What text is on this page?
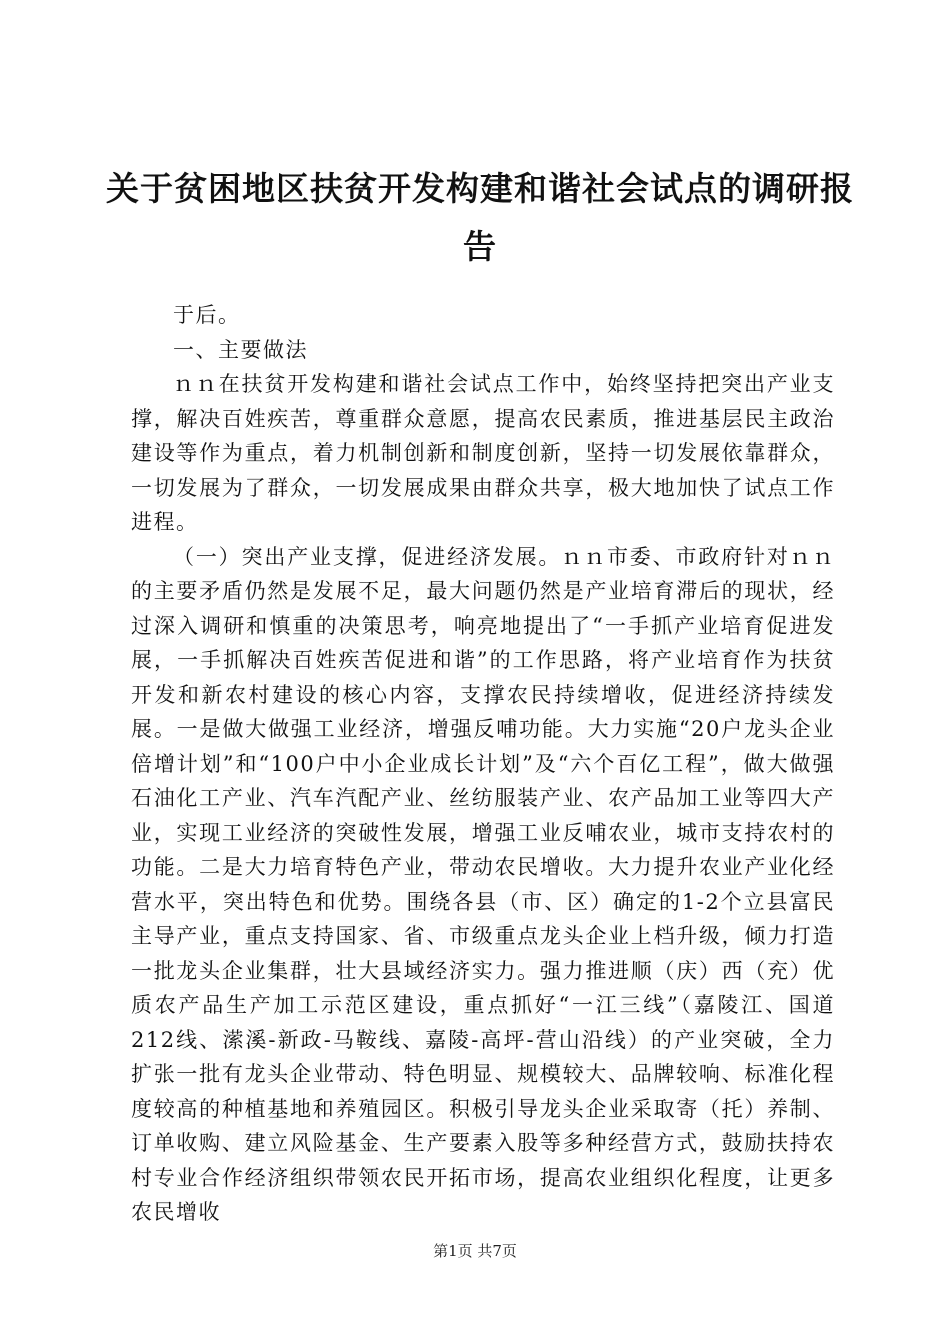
关于贫困地区扶贫开发构建和谐社会试点的调研报告

于后。

一、主要做法

ｎｎ在扶贫开发构建和谐社会试点工作中，始终坚持把突出产业支撑，解决百姓疾苦，尊重群众意愿，提高农民素质，推进基层民主政治建设等作为重点，着力机制创新和制度创新，坚持一切发展依靠群众，一切发展为了群众，一切发展成果由群众共享，极大地加快了试点工作进程。

（一）突出产业支撑，促进经济发展。ｎｎ市委、市政府针对ｎｎ的主要矛盾仍然是发展不足，最大问题仍然是产业培育滞后的现状，经过深入调研和慎重的决策思考，响亮地提出了“一手抓产业培育促进发展，一手抓解决百姓疾苦促进和谐”的工作思路，将产业培育作为扶贫开发和新农村建设的核心内容，支撑农民持续增收，促进经济持续发展。一是做大做强工业经济，增强反哺功能。大力实施“20户龙头企业倍增计划”和“100户中小企业成长计划”及“六个百亿工程”，做大做强石油化工产业、汽车汽配产业、丝纺服装产业、农产品加工业等四大产业，实现工业经济的突破性发展，增强工业反哺农业，城市支持农村的功能。二是大力培育特色产业，带动农民增收。大力提升农业产业化经营水平，突出特色和优势。围绕各县（市、区）确定的1-2个立县富民主导产业，重点支持国家、省、市级重点龙头企业上档升级，倾力打造一批龙头企业集群，壮大县域经济实力。强力推进顺（庆）西（充）优质农产品生产加工示范区建设，重点抓好“一江三线”（嘉陵江、国道212线、潆溪-新政-马鞍线、嘉陵-高坪-营山沿线）的产业突破，全力扩张一批有龙头企业带动、特色明显、规模较大、品牌较响、标准化程度较高的种植基地和养殖园区。积极引导龙头企业采取寄（托）养制、订单收购、建立风险基金、生产要素入股等多种经营方式，鼓励扶持农村专业合作经济组织带领农民开拓市场，提高农业组织化程度，让更多农民增收

第1页 共7页
